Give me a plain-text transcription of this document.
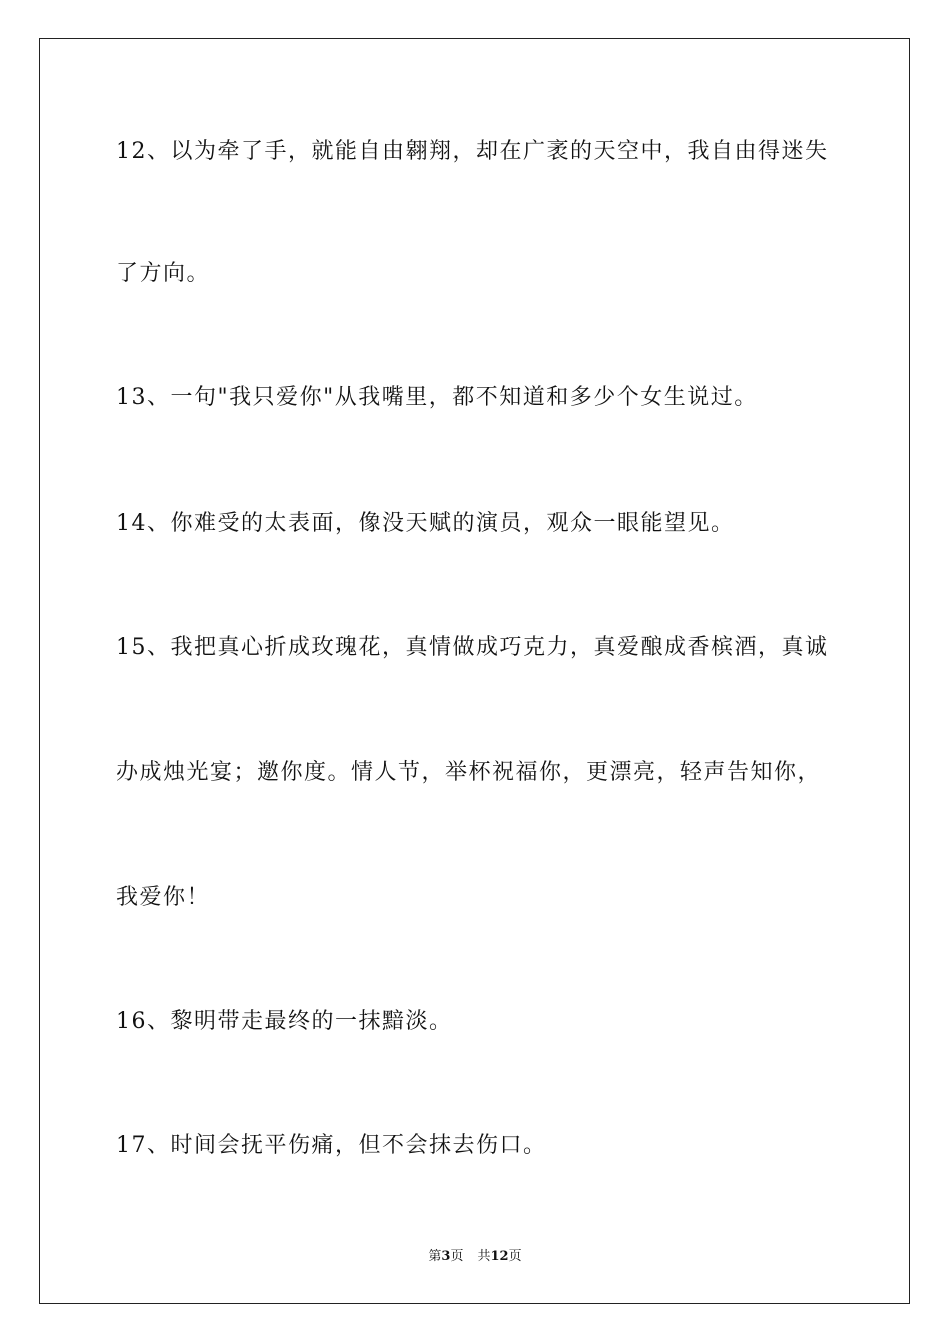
12、以为牵了手，就能自由翱翔，却在广袤的天空中，我自由得迷失
了方向。
13、一句"我只爱你"从我嘴里，都不知道和多少个女生说过。
14、你难受的太表面，像没天赋的演员，观众一眼能望见。
15、我把真心折成玫瑰花，真情做成巧克力，真爱酿成香槟酒，真诚
办成烛光宴；邀你度。情人节，举杯祝福你，更漂亮，轻声告知你，
我爱你！
16、黎明带走最终的一抹黯淡。
17、时间会抚平伤痛，但不会抹去伤口。
第3页 共12页
